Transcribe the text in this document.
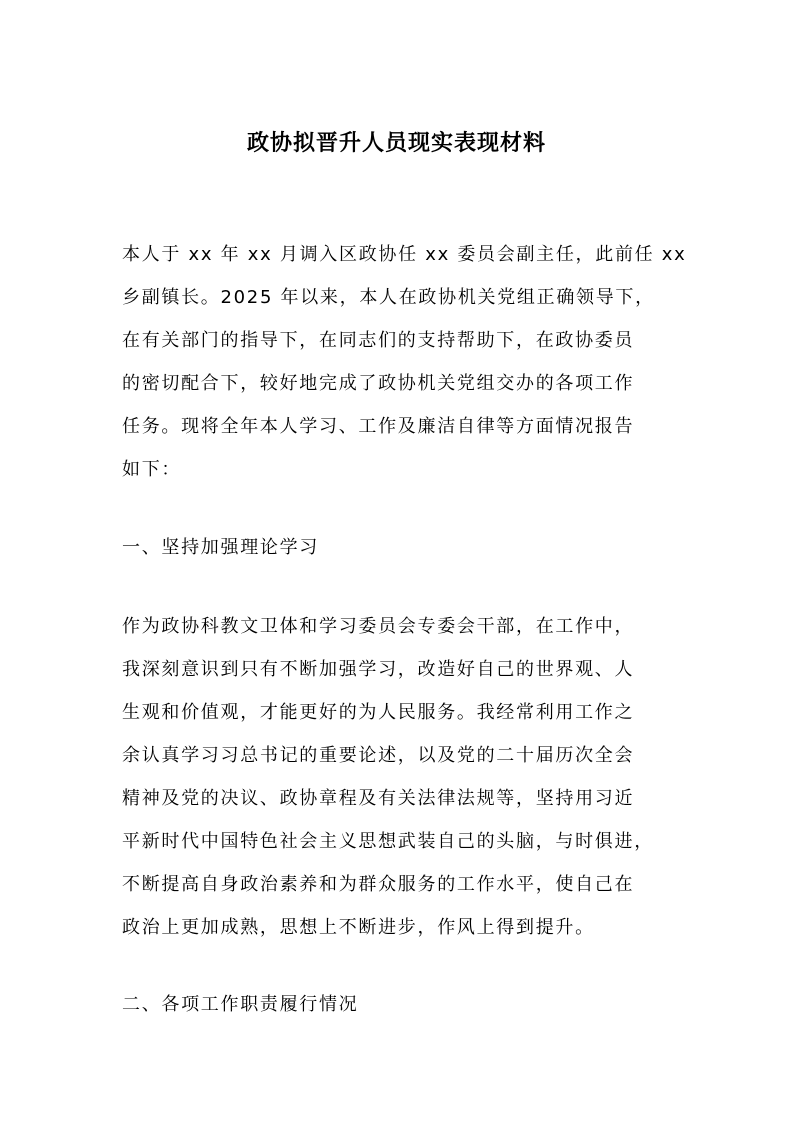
政协拟晋升人员现实表现材料
本人于 xx 年 xx 月调入区政协任 xx 委员会副主任，此前任 xx
乡副镇长。2025 年以来，本人在政协机关党组正确领导下，
在有关部门的指导下，在同志们的支持帮助下，在政协委员
的密切配合下，较好地完成了政协机关党组交办的各项工作
任务。现将全年本人学习、工作及廉洁自律等方面情况报告
如下：
一、坚持加强理论学习
作为政协科教文卫体和学习委员会专委会干部，在工作中，
我深刻意识到只有不断加强学习，改造好自己的世界观、人
生观和价值观，才能更好的为人民服务。我经常利用工作之
余认真学习习总书记的重要论述，以及党的二十届历次全会
精神及党的决议、政协章程及有关法律法规等，坚持用习近
平新时代中国特色社会主义思想武装自己的头脑，与时俱进，
不断提高自身政治素养和为群众服务的工作水平，使自己在
政治上更加成熟，思想上不断进步，作风上得到提升。
二、各项工作职责履行情况
